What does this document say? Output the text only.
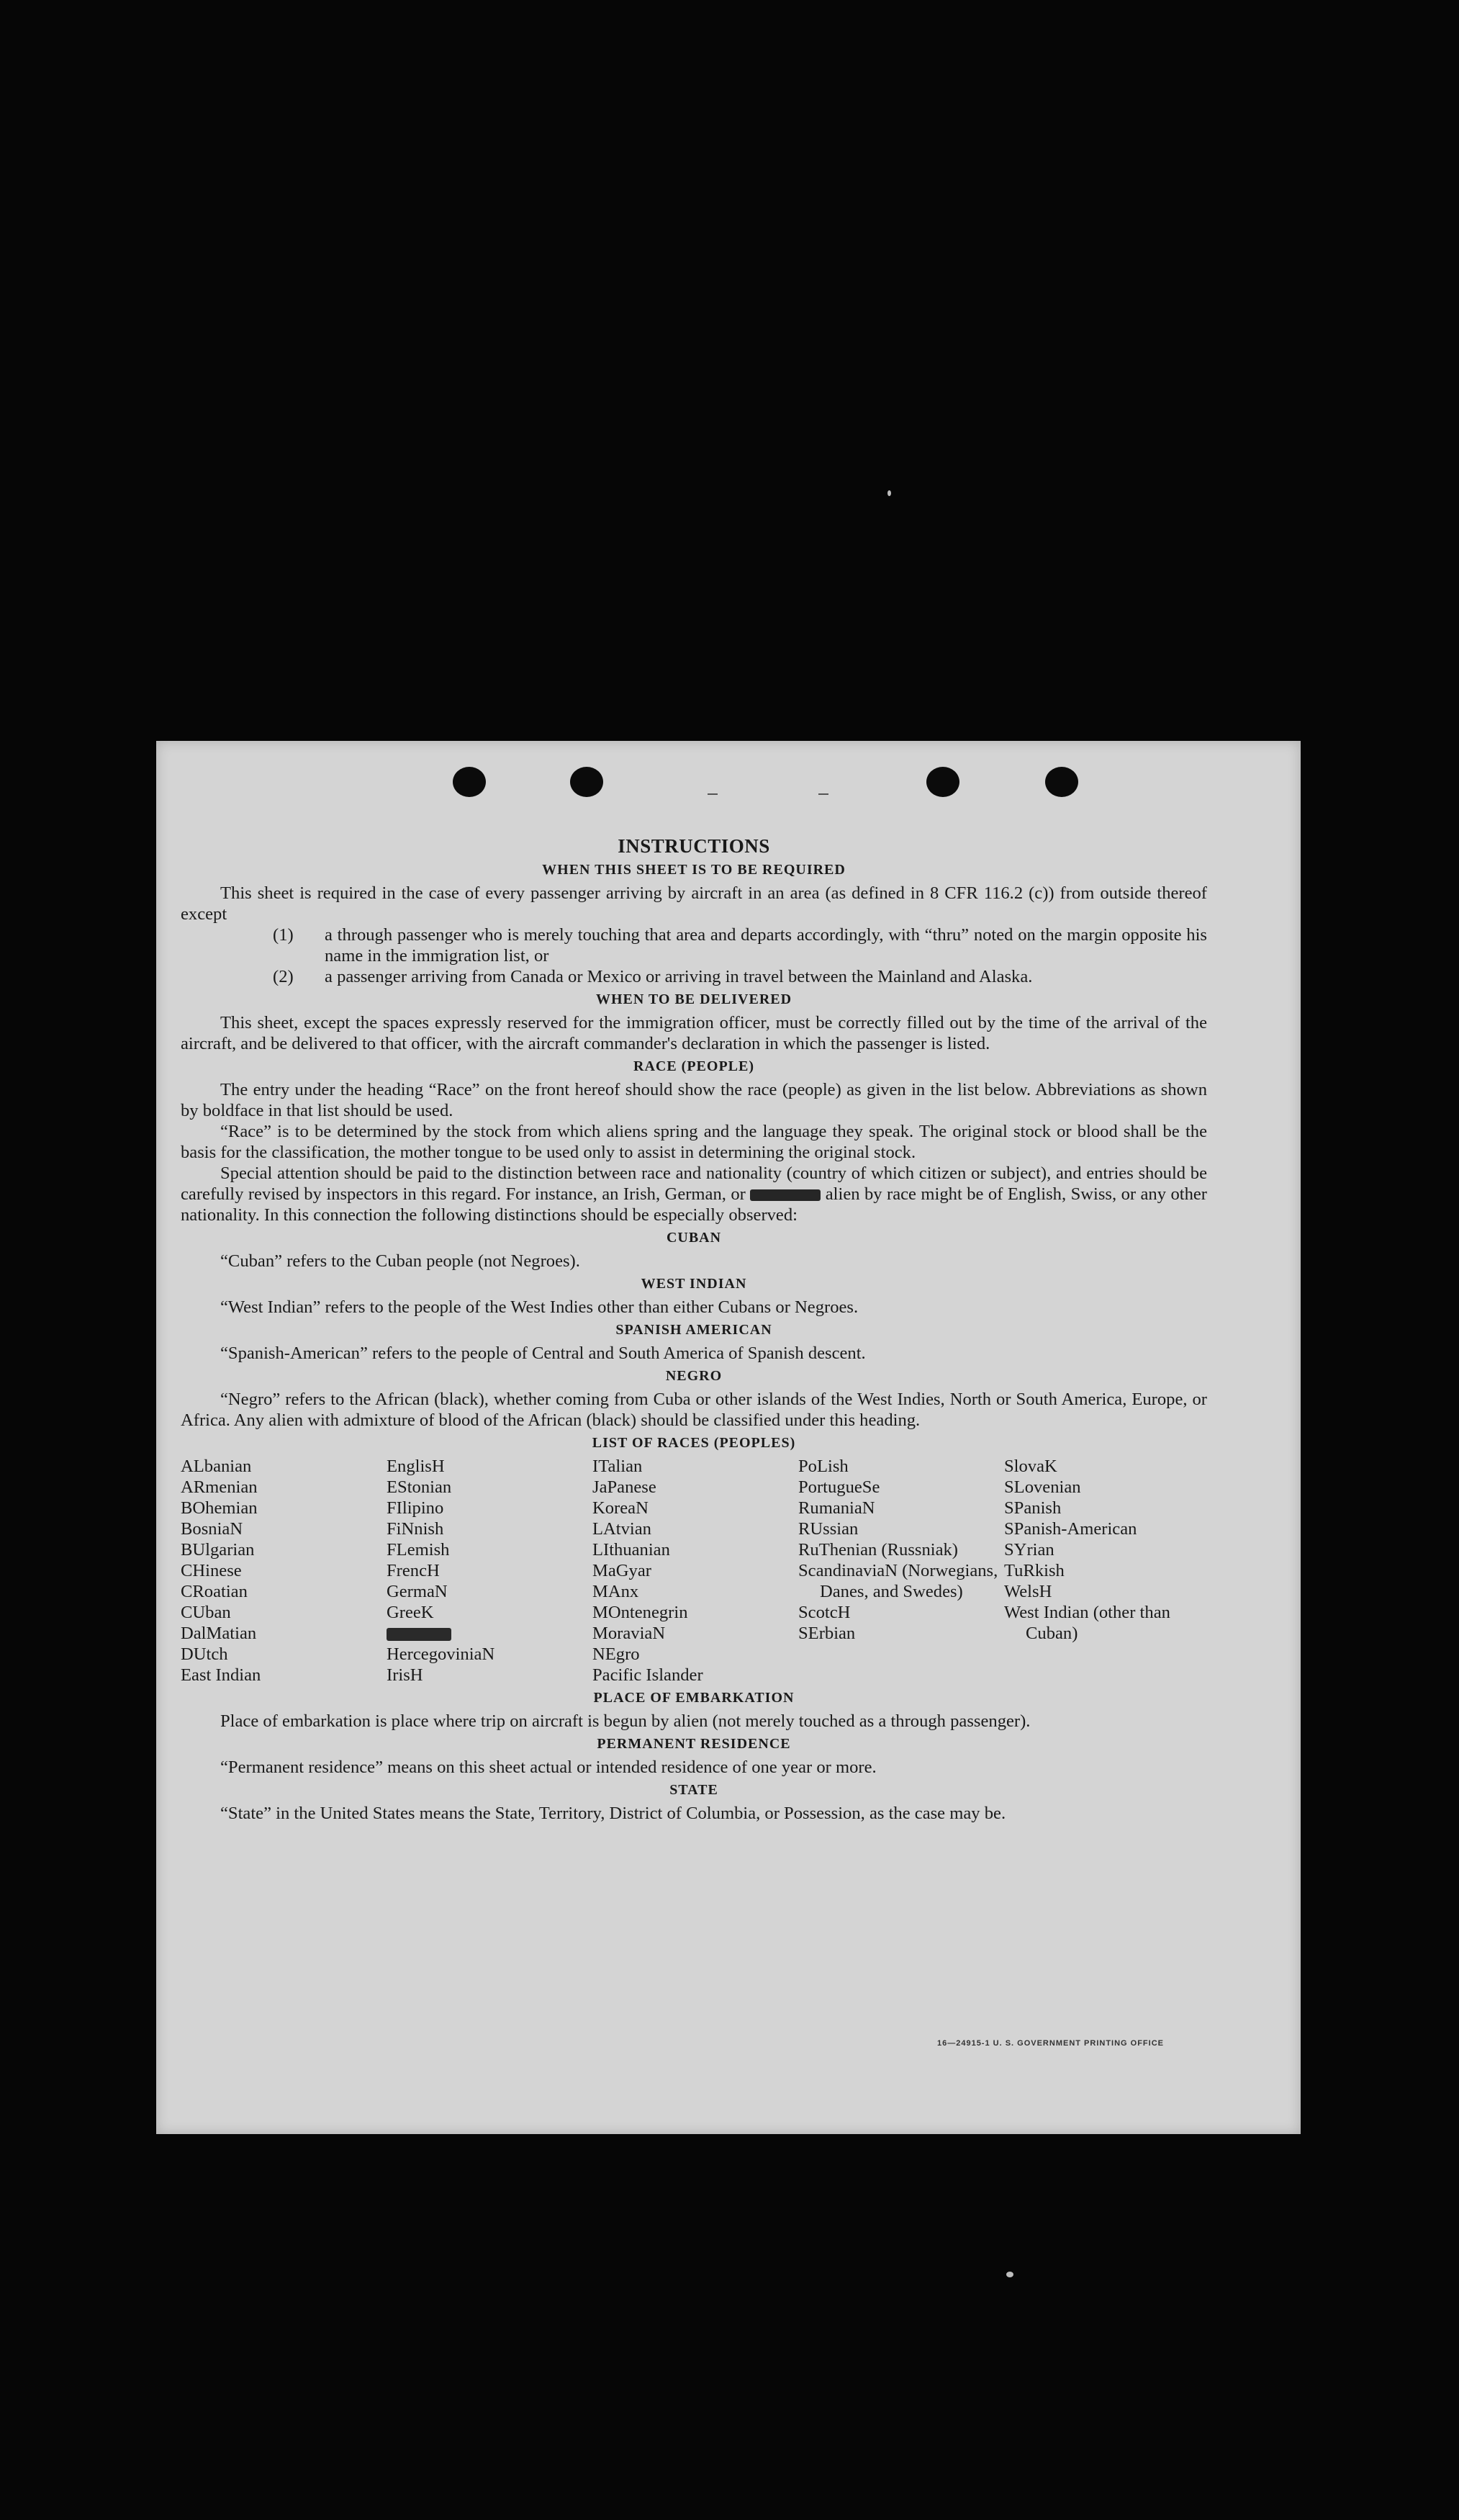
INSTRUCTIONS
WHEN THIS SHEET IS TO BE REQUIRED

This sheet is required in the case of every passenger arriving by aircraft in an area (as defined in 8 CFR 116.2 (c)) from outside thereof except

(1) a through passenger who is merely touching that area and departs accordingly, with “thru” noted on the margin opposite his name in the immigration list, or
(2) a passenger arriving from Canada or Mexico or arriving in travel between the Mainland and Alaska.
WHEN TO BE DELIVERED

This sheet, except the spaces expressly reserved for the immigration officer, must be correctly filled out by the time of the arrival of the aircraft, and be delivered to that officer, with the aircraft commander's declaration in which the passenger is listed.

RACE (PEOPLE)

The entry under the heading “Race” on the front hereof should show the race (people) as given in the list below. Abbreviations as shown by boldface in that list should be used.

“Race” is to be determined by the stock from which aliens spring and the language they speak. The original stock or blood shall be the basis for the classification, the mother tongue to be used only to assist in determining the original stock.

Special attention should be paid to the distinction between race and nationality (country of which citizen or subject), and entries should be carefully revised by inspectors in this regard. For instance, an Irish, German, or	alien by race might be of English, Swiss, or any other nationality. In this connection the following distinctions should be especially observed:

CUBAN

“Cuban” refers to the Cuban people (not Negroes).

WEST INDIAN

“West Indian” refers to the people of the West Indies other than either Cubans or Negroes.

SPANISH AMERICAN

“Spanish-American” refers to the people of Central and South America of Spanish descent.

NEGRO

“Negro” refers to the African (black), whether coming from Cuba or other islands of the West Indies, North or South America, Europe, or Africa. Any alien with admixture of blood of the African (black) should be classified under this heading.

LIST OF RACES (PEOPLES)
ALbanian
ARmenian
BOhemian
BosniaN
BUlgarian
CHinese
CRoatian
CUban
DalMatian
DUtch
East Indian
EnglisH
EStonian
FIlipino
FiNnish
FLemish
FrencH
GermaN
GreeK
HercegoviniaN
IrisH
ITalian
JaPanese
KoreaN
LAtvian
LIthuanian
MaGyar
MAnx
MOntenegrin
MoraviaN
NEgro
Pacific Islander
PoLish
PortugueSe
RumaniaN
RUssian
RuThenian (Russniak)
ScandinaviaN (Norwegians, Danes, and Swedes)
ScotcH
SErbian
SlovaK
SLovenian
SPanish
SPanish-American
SYrian
TuRkish
WelsH
West Indian (other than Cuban)
PLACE OF EMBARKATION

Place of embarkation is place where trip on aircraft is begun by alien (not merely touched as a through passenger).

PERMANENT RESIDENCE

“Permanent residence” means on this sheet actual or intended residence of one year or more.

STATE

“State” in the United States means the State, Territory, District of Columbia, or Possession, as the case may be.

16—24915-1 U. S. GOVERNMENT PRINTING OFFICE
